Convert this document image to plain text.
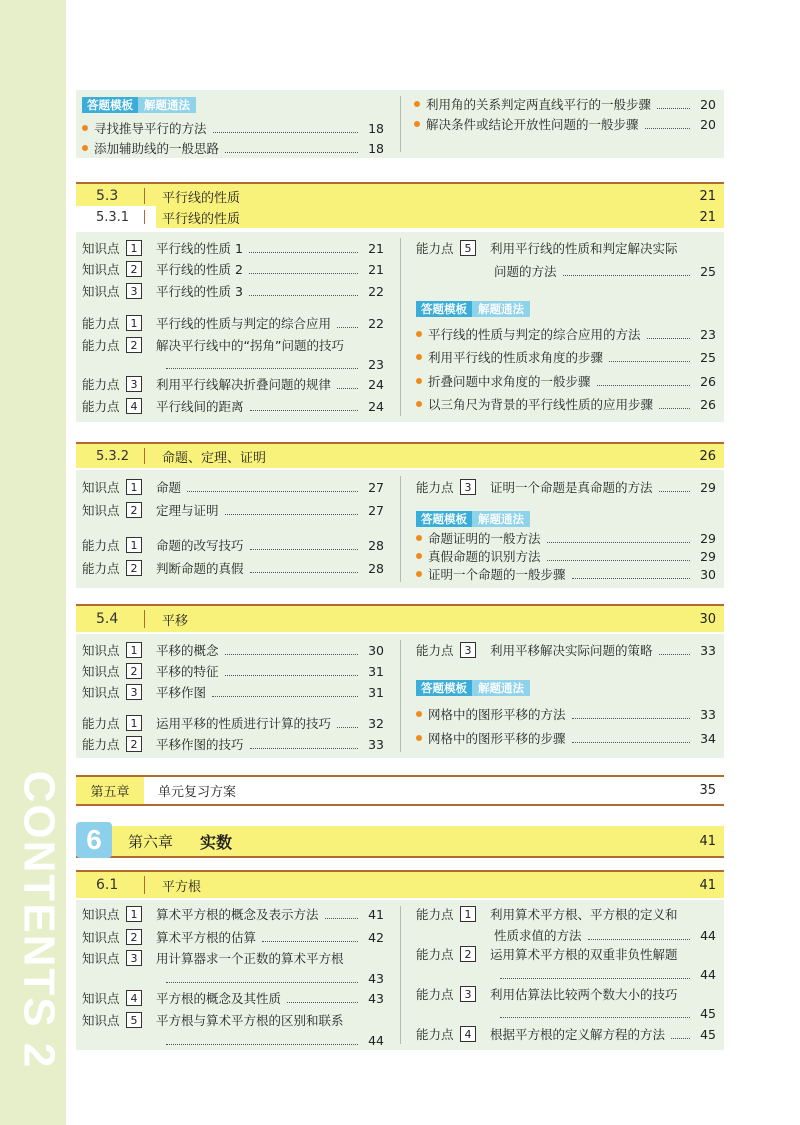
CONTENTS 2
答题模板 解题通法
寻找推导平行的方法	18
添加辅助线的一般思路	18
利用角的关系判定两直线平行的一般步骤	20
解决条件或结论开放性问题的一般步骤	20
5.3	平行线的性质	21
5.3.1	平行线的性质	21
知识点 1	平行线的性质 1	21
知识点 2	平行线的性质 2	21
知识点 3	平行线的性质 3	22
能力点 1	平行线的性质与判定的综合应用	22
能力点 2	解决平行线中的“拐角”问题的技巧
23
能力点 3	利用平行线解决折叠问题的规律	24
能力点 4	平行线间的距离	24
能力点 5	利用平行线的性质和判定解决实际
问题的方法	25
答题模板 解题通法
平行线的性质与判定的综合应用的方法	23
利用平行线的性质求角度的步骤	25
折叠问题中求角度的一般步骤	26
以三角尺为背景的平行线性质的应用步骤	26
5.3.2	命题、定理、证明	26
知识点 1	命题	27
知识点 2	定理与证明	27
能力点 1	命题的改写技巧	28
能力点 2	判断命题的真假	28
能力点 3	证明一个命题是真命题的方法	29
答题模板 解题通法
命题证明的一般方法	29
真假命题的识别方法	29
证明一个命题的一般步骤	30
5.4	平移	30
知识点 1	平移的概念	30
知识点 2	平移的特征	31
知识点 3	平移作图	31
能力点 1	运用平移的性质进行计算的技巧	32
能力点 2	平移作图的技巧	33
能力点 3	利用平移解决实际问题的策略	33
答题模板 解题通法
网格中的图形平移的方法	33
网格中的图形平移的步骤	34
第五章	单元复习方案	35
6	第六章 实数	41
6.1	平方根	41
知识点 1	算术平方根的概念及表示方法	41
知识点 2	算术平方根的估算	42
知识点 3	用计算器求一个正数的算术平方根
43
知识点 4	平方根的概念及其性质	43
知识点 5	平方根与算术平方根的区别和联系
44
能力点 1	利用算术平方根、平方根的定义和
性质求值的方法	44
能力点 2	运用算术平方根的双重非负性解题
44
能力点 3	利用估算法比较两个数大小的技巧
45
能力点 4	根据平方根的定义解方程的方法	45
